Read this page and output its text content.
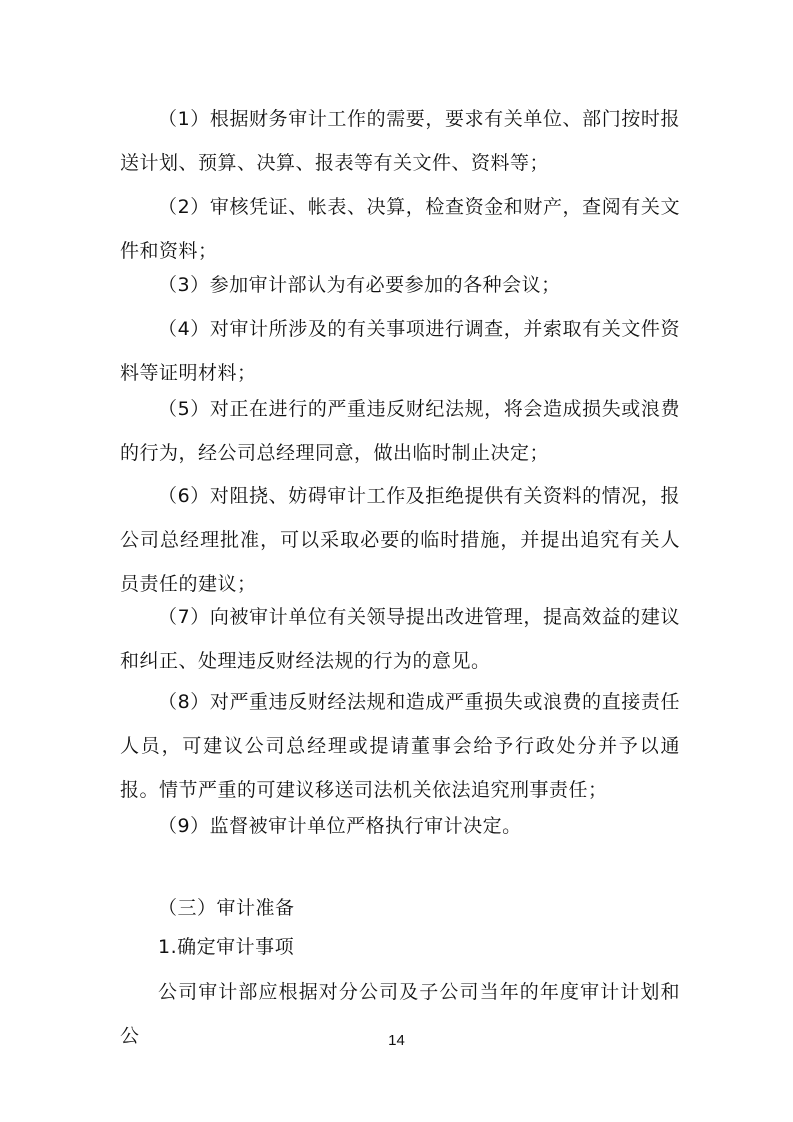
（1）根据财务审计工作的需要，要求有关单位、部门按时报送计划、预算、决算、报表等有关文件、资料等；

（2）审核凭证、帐表、决算，检查资金和财产，查阅有关文件和资料；

（3）参加审计部认为有必要参加的各种会议；

（4）对审计所涉及的有关事项进行调查，并索取有关文件资料等证明材料；

（5）对正在进行的严重违反财纪法规，将会造成损失或浪费的行为，经公司总经理同意，做出临时制止决定；

（6）对阻挠、妨碍审计工作及拒绝提供有关资料的情况，报公司总经理批准，可以采取必要的临时措施，并提出追究有关人员责任的建议；

（7）向被审计单位有关领导提出改进管理，提高效益的建议和纠正、处理违反财经法规的行为的意见。

（8）对严重违反财经法规和造成严重损失或浪费的直接责任人员，可建议公司总经理或提请董事会给予行政处分并予以通报。情节严重的可建议移送司法机关依法追究刑事责任；

（9）监督被审计单位严格执行审计决定。

（三）审计准备

1.确定审计事项

公司审计部应根据对分公司及子公司当年的年度审计计划和公	14
